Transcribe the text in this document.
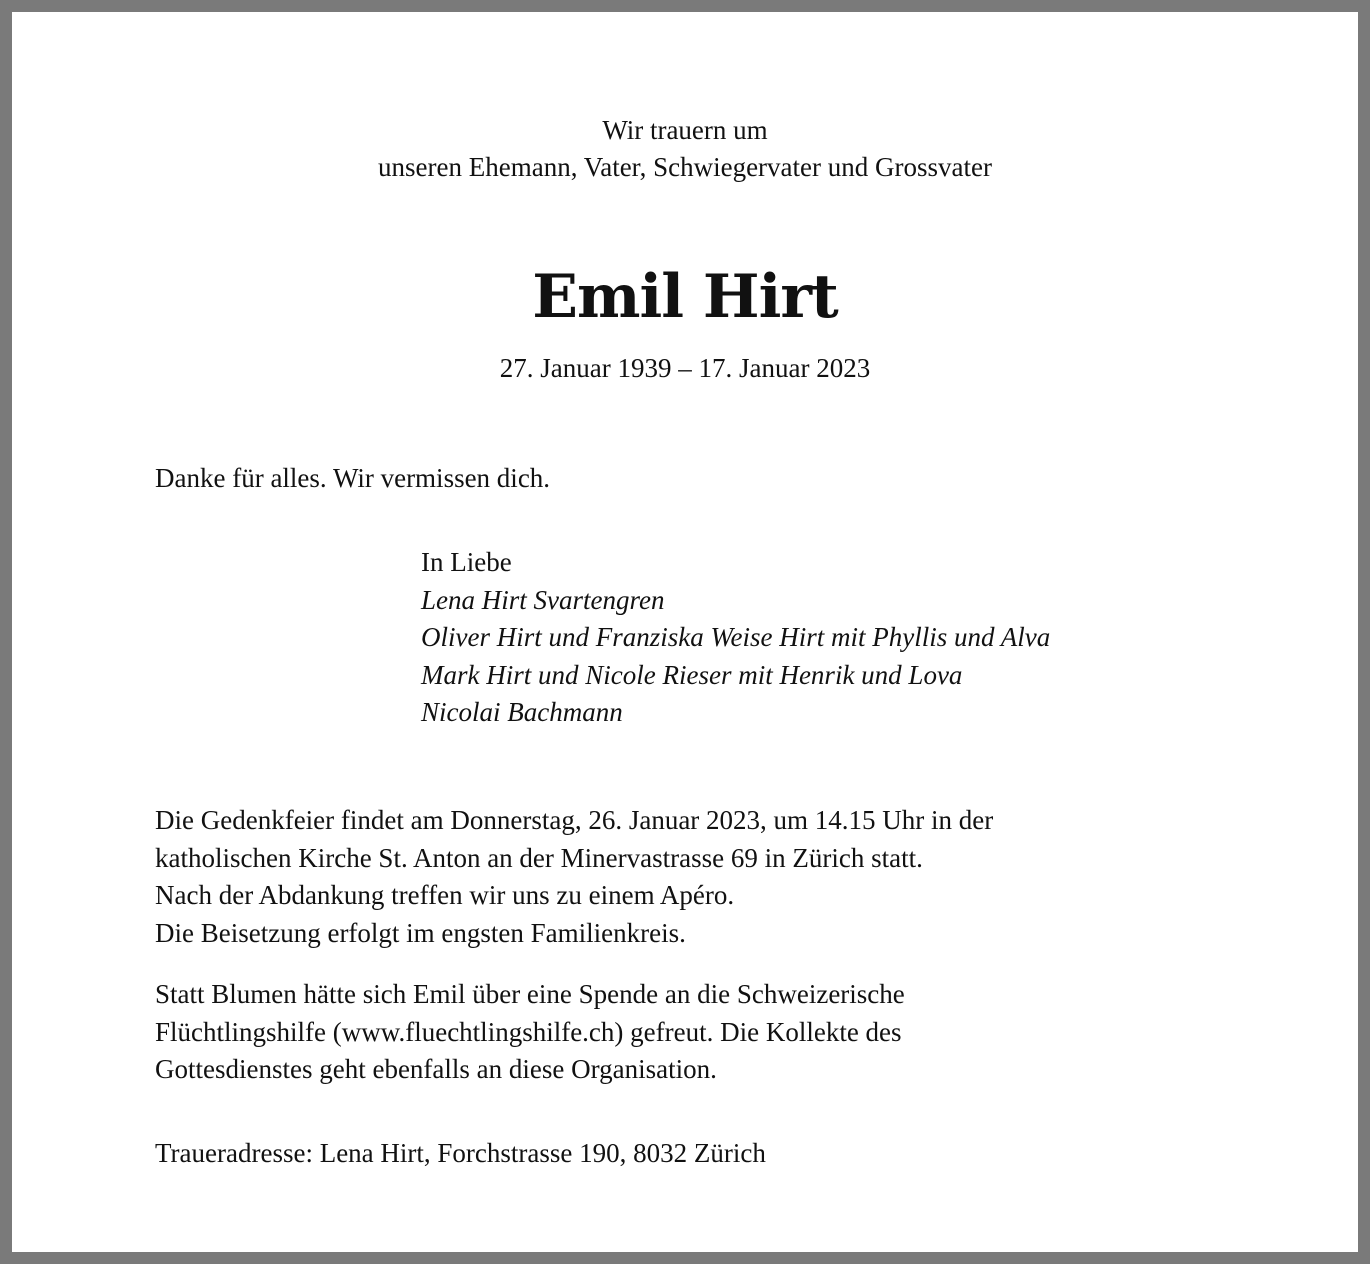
Wir trauern um
unseren Ehemann, Vater, Schwiegervater und Grossvater
Emil Hirt
27. Januar 1939 – 17. Januar 2023
Danke für alles. Wir vermissen dich.
In Liebe
Lena Hirt Svartengren
Oliver Hirt und Franziska Weise Hirt mit Phyllis und Alva
Mark Hirt und Nicole Rieser mit Henrik und Lova
Nicolai Bachmann
Die Gedenkfeier findet am Donnerstag, 26. Januar 2023, um 14.15 Uhr in der
katholischen Kirche St. Anton an der Minervastrasse 69 in Zürich statt.
Nach der Abdankung treffen wir uns zu einem Apéro.
Die Beisetzung erfolgt im engsten Familienkreis.
Statt Blumen hätte sich Emil über eine Spende an die Schweizerische
Flüchtlingshilfe (www.fluechtlingshilfe.ch) gefreut. Die Kollekte des
Gottesdienstes geht ebenfalls an diese Organisation.
Traueradresse: Lena Hirt, Forchstrasse 190, 8032 Zürich
